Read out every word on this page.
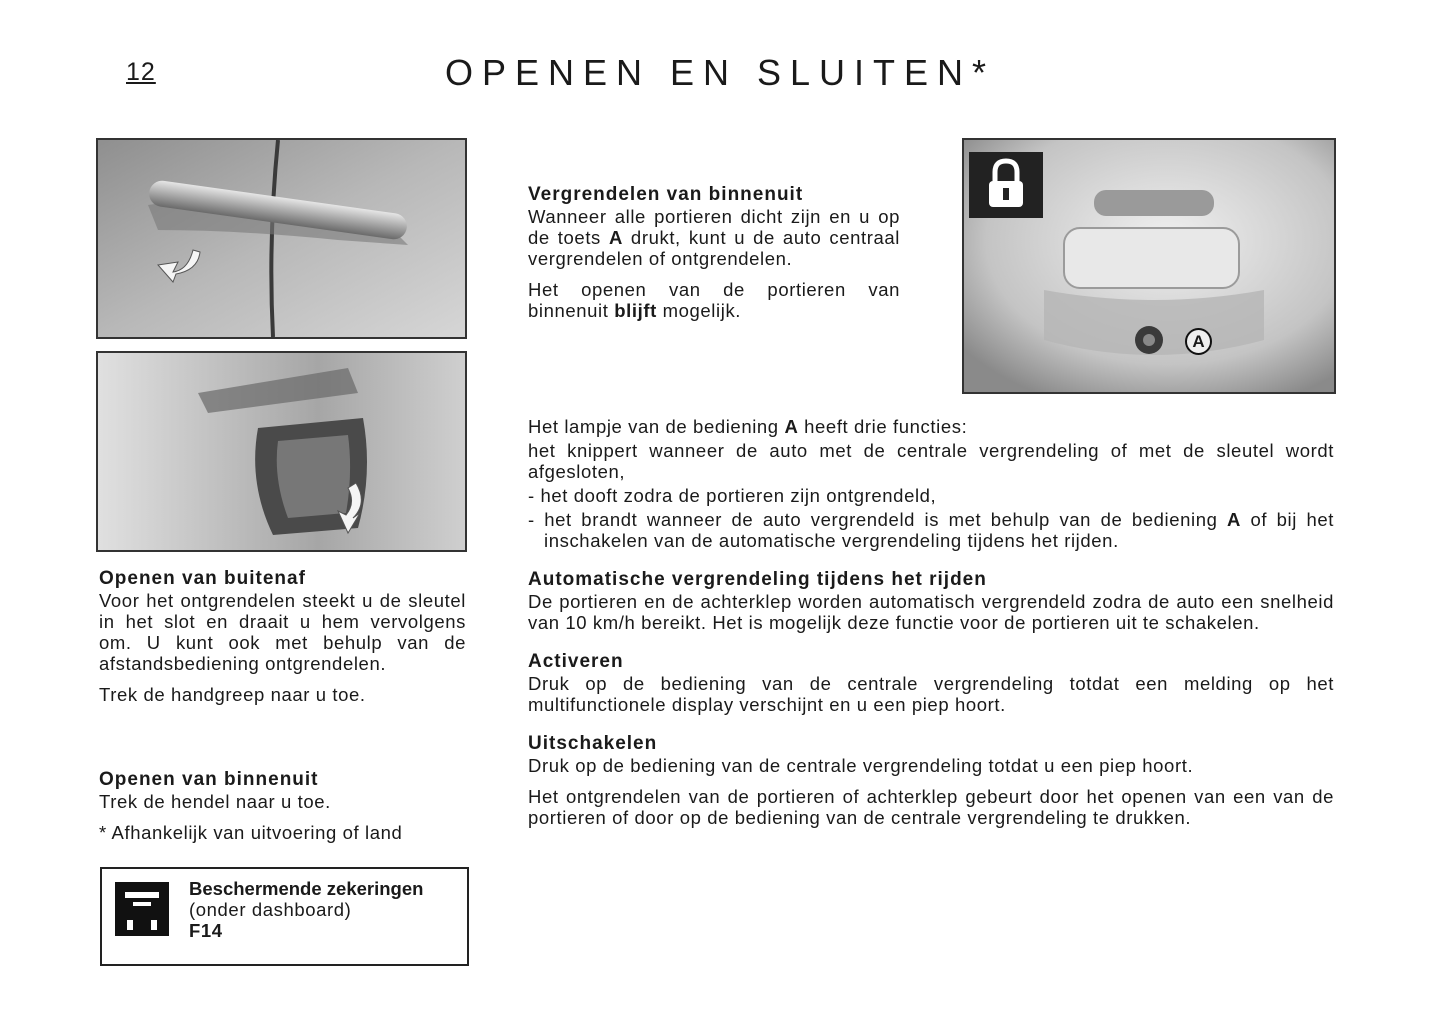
12	OPENEN EN SLUITEN*
A
Openen van buitenaf

Voor het ontgrendelen steekt u de sleutel in het slot en draait u hem vervolgens om. U kunt ook met behulp van de afstandsbediening ontgrendelen.

Trek de handgreep naar u toe.

Openen van binnenuit

Trek de hendel naar u toe.

* Afhankelijk van uitvoering of land

Beschermende zekeringen
(onder dashboard)
F14
Vergrendelen van binnenuit

Wanneer alle portieren dicht zijn en u op de toets A drukt, kunt u de auto centraal vergrendelen of ontgrendelen.

Het openen van de portieren van binnenuit blijft mogelijk.

Het lampje van de bediening A heeft drie functies:

het knippert wanneer de auto met de centrale vergrendeling of met de sleutel wordt afgesloten,

- het dooft zodra de portieren zijn ontgrendeld,

- het brandt wanneer de auto vergrendeld is met behulp van de bediening A of bij het inschakelen van de automatische vergrendeling tijdens het rijden.

Automatische vergrendeling tijdens het rijden

De portieren en de achterklep worden automatisch vergrendeld zodra de auto een snelheid van 10 km/h bereikt. Het is mogelijk deze functie voor de portieren uit te schakelen.

Activeren

Druk op de bediening van de centrale vergrendeling totdat een melding op het multifunctionele display verschijnt en u een piep hoort.

Uitschakelen

Druk op de bediening van de centrale vergrendeling totdat u een piep hoort.

Het ontgrendelen van de portieren of achterklep gebeurt door het openen van een van de portieren of door op de bediening van de centrale vergrendeling te drukken.
